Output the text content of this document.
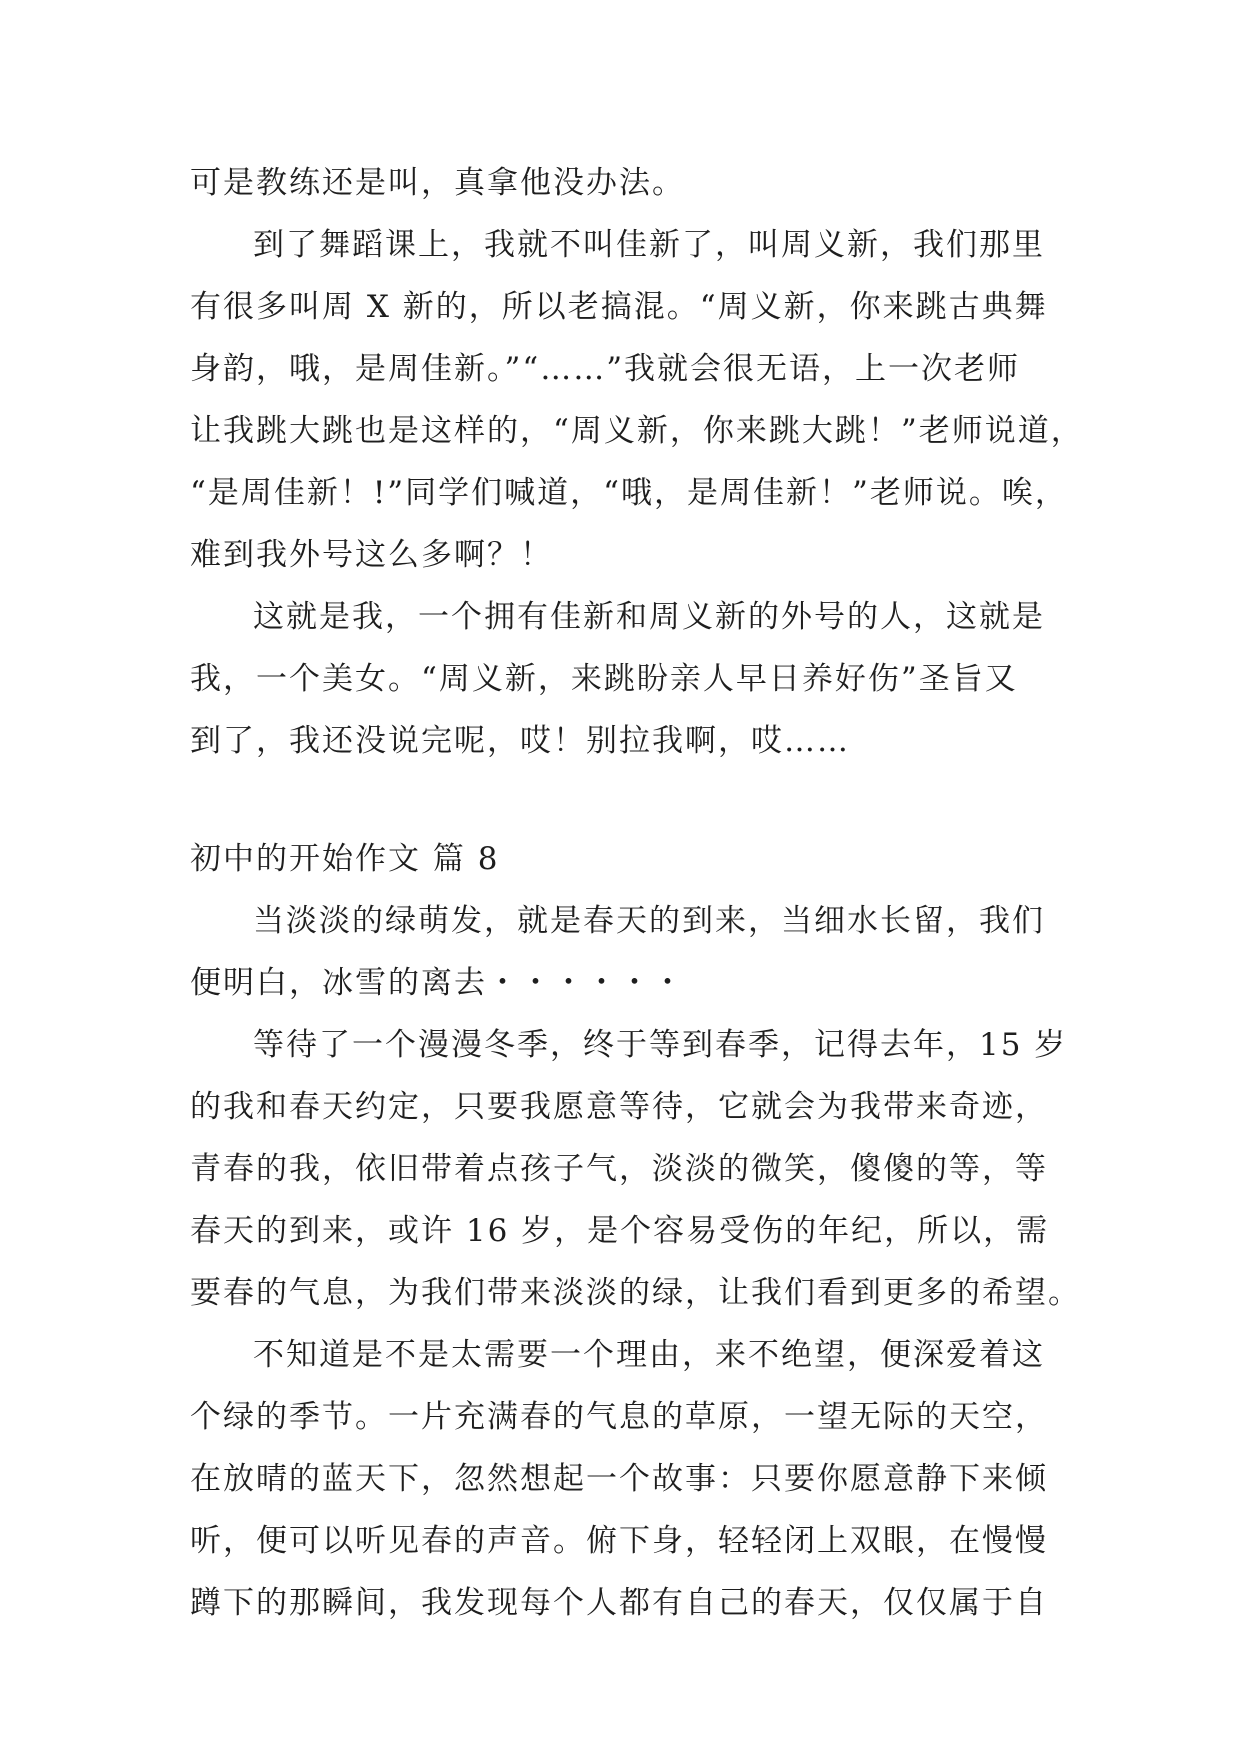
可是教练还是叫，真拿他没办法。
到了舞蹈课上，我就不叫佳新了，叫周义新，我们那里
有很多叫周 X 新的，所以老搞混。“周义新，你来跳古典舞
身韵，哦，是周佳新。”“……”我就会很无语，上一次老师
让我跳大跳也是这样的，“周义新，你来跳大跳！”老师说道，
“是周佳新！!”同学们喊道，“哦，是周佳新！”老师说。唉，
难到我外号这么多啊？！
这就是我，一个拥有佳新和周义新的外号的人，这就是
我，一个美女。“周义新，来跳盼亲人早日养好伤”圣旨又
到了，我还没说完呢，哎！别拉我啊，哎……
初中的开始作文 篇 8
当淡淡的绿萌发，就是春天的到来，当细水长留，我们
便明白，冰雪的离去・・・・・・
等待了一个漫漫冬季，终于等到春季，记得去年，15 岁
的我和春天约定，只要我愿意等待，它就会为我带来奇迹，
青春的我，依旧带着点孩子气，淡淡的微笑，傻傻的等，等
春天的到来，或许 16 岁，是个容易受伤的年纪，所以，需
要春的气息，为我们带来淡淡的绿，让我们看到更多的希望。
不知道是不是太需要一个理由，来不绝望，便深爱着这
个绿的季节。一片充满春的气息的草原，一望无际的天空，
在放晴的蓝天下，忽然想起一个故事：只要你愿意静下来倾
听，便可以听见春的声音。俯下身，轻轻闭上双眼，在慢慢
蹲下的那瞬间，我发现每个人都有自己的春天，仅仅属于自
